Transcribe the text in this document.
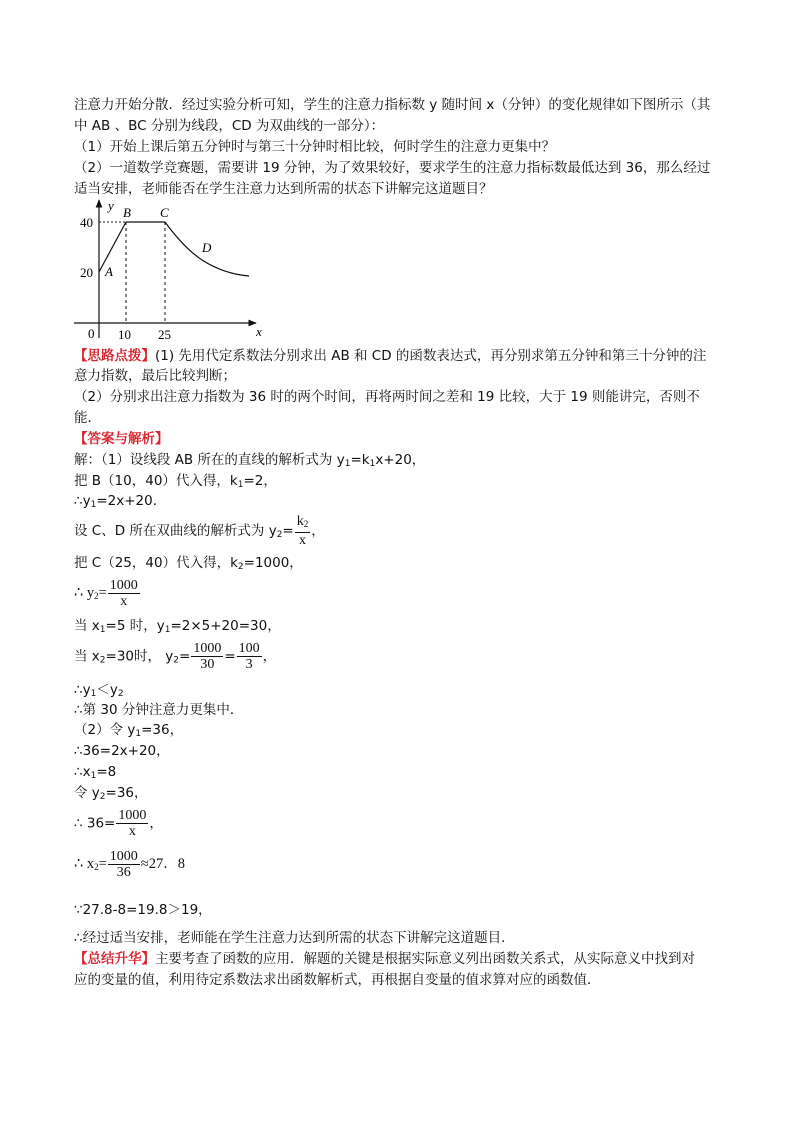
注意力开始分散．经过实验分析可知，学生的注意力指标数 y 随时间 x（分钟）的变化规律如下图所示（其
中 AB 、BC 分别为线段，CD 为双曲线的一部分）：
（1）开始上课后第五分钟时与第三十分钟时相比较，何时学生的注意力更集中？
（2）一道数学竞赛题，需要讲 19 分钟，为了效果较好，要求学生的注意力指标数最低达到 36，那么经过
适当安排，老师能否在学生注意力达到所需的状态下讲解完这道题目？
y
x
40
20
0 10 25
A
B C
D
【思路点拨】(1) 先用代定系数法分别求出 AB 和 CD 的函数表达式，再分别求第五分钟和第三十分钟的注
意力指数，最后比较判断；
（2）分别求出注意力指数为 36 时的两个时间，再将两时间之差和 19 比较，大于 19 则能讲完，否则不
能．
【答案与解析】
解：（1）设线段 AB 所在的直线的解析式为 $y_1=k_1x+20$，
把 B（10，40）代入得，$k_1=2$，
$\therefore y_1=2x+20$．
设 C、D 所在双曲线的解析式为 $y_2= \frac{k_2}{x}$ ，
把 C（25，40）代入得，$k_2=1000$，
∴ $y_2= \frac{1000}{x}$
当 $x_1=5$ 时，$y_1=2\times 5+20=30$，
当 $x_2=30$时， $y_2= \frac{1000}{30} = \frac{100}{3}$ ，
$\therefore y_1<y_2$
∴第 30 分钟注意力更集中．
（2）令 $y_1=36$，
∴36=2x+20，
$\therefore x_1=8$
令 $y_2=36$，
∴ $36= \frac{1000}{x}$ ，
∴ $x_2= \frac{1000}{36} \approx 27$．8
∵27.8-8=19.8＞19，
∴经过适当安排，老师能在学生注意力达到所需的状态下讲解完这道题目．
【总结升华】主要考查了函数的应用．解题的关键是根据实际意义列出函数关系式，从实际意义中找到对
应的变量的值，利用待定系数法求出函数解析式，再根据自变量的值求算对应的函数值．
